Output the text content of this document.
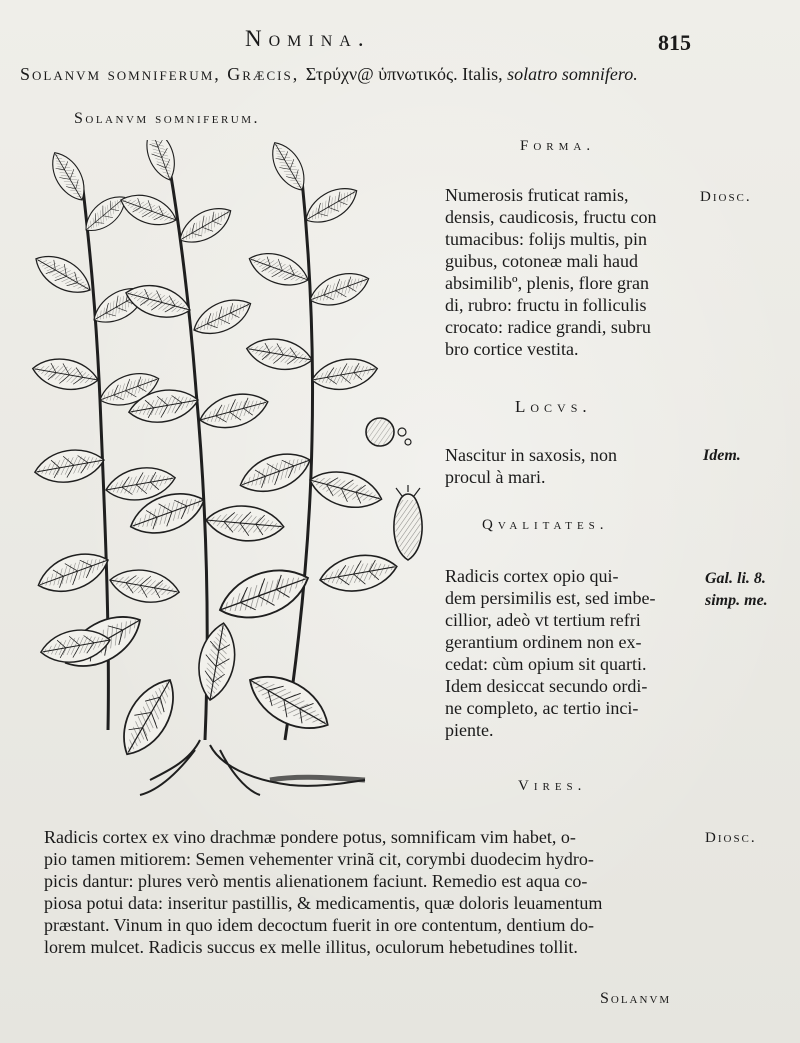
Nomina.	815
Solanvm somniferum, Græcis, Στρύχν@ ὑπνωτικός. Italis, solatro somnifero.
Solanvm somniferum.
Forma.
Numerosis fruticat ramis,
densis, caudicosis, fructu con
tumacibus: folijs multis, pin
guibus, cotoneæ mali haud
absimilibº, plenis, flore gran
di, rubro: fructu in folliculis
crocato: radice grandi, subru
bro cortice vestita.
Diosc.
Locvs.
Nascitur in saxosis, non
procul à mari.
Idem.
Qvalitates.
Radicis cortex opio qui-
dem persimilis est, sed imbe-
cillior, adeò vt tertium refri
gerantium ordinem non ex-
cedat: cùm opium sit quarti.
Idem desiccat secundo ordi-
ne completo, ac tertio inci-
piente.
Gal. li. 8.
simp. me.
Vires.
Radicis cortex ex vino drachmæ pondere potus, somnificam vim habet, o-
pio tamen mitiorem: Semen vehementer vrinã cit, corymbi duodecim hydro-
picis dantur: plures verò mentis alienationem faciunt. Remedio est aqua co-
piosa potui data: inseritur pastillis, & medicamentis, quæ doloris leuamentum
præstant. Vinum in quo idem decoctum fuerit in ore contentum, dentium do-
lorem mulcet. Radicis succus ex melle illitus, oculorum hebetudines tollit.
Diosc.
Solanvm
